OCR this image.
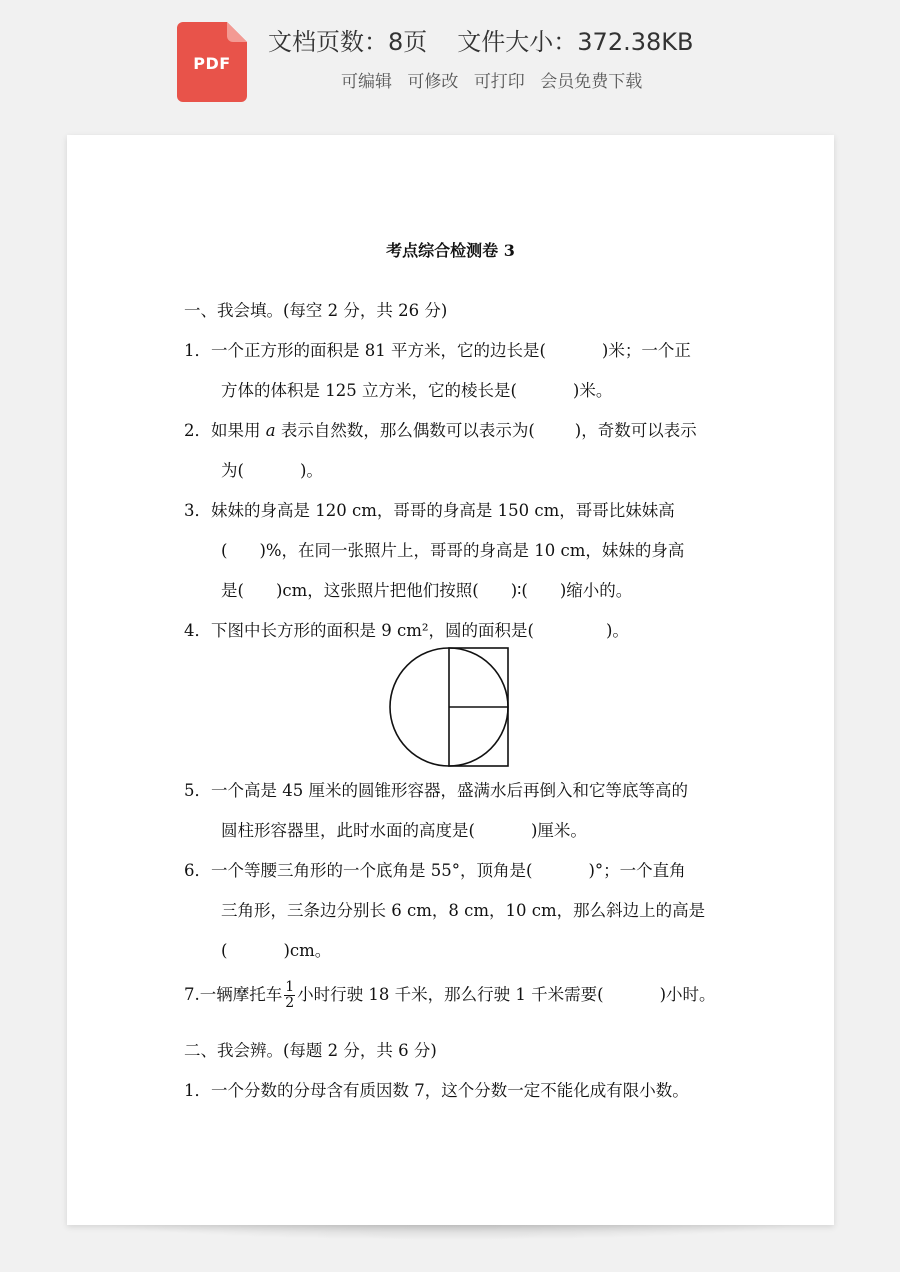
PDF
文档页数：8页 文件大小：372.38KB
可编辑 可修改 可打印 会员免费下载
考点综合检测卷 3
一、我会填。(每空 2 分，共 26 分)
1．一个正方形的面积是 81 平方米，它的边长是(	)米；一个正
方体的体积是 125 立方米，它的棱长是(	)米。
2．如果用 a 表示自然数，那么偶数可以表示为( )，奇数可以表示
为(	)。
3．妹妹的身高是 120 cm，哥哥的身高是 150 cm，哥哥比妹妹高
( )%，在同一张照片上，哥哥的身高是 10 cm，妹妹的身高
是( )cm，这张照片把他们按照( )∶( )缩小的。
4．下图中长方形的面积是 9 cm²，圆的面积是(	)。
5．一个高是 45 厘米的圆锥形容器，盛满水后再倒入和它等底等高的
圆柱形容器里，此时水面的高度是(	)厘米。
6．一个等腰三角形的一个底角是 55°，顶角是(	)°；一个直角
三角形，三条边分别长 6 cm，8 cm，10 cm，那么斜边上的高是
(	)cm。
7.一辆摩托车 $\frac{1}{2}$ 小时行驶 18 千米，那么行驶 1 千米需要(	)小时。
二、我会辨。(每题 2 分，共 6 分)
1．一个分数的分母含有质因数 7，这个分数一定不能化成有限小数。
